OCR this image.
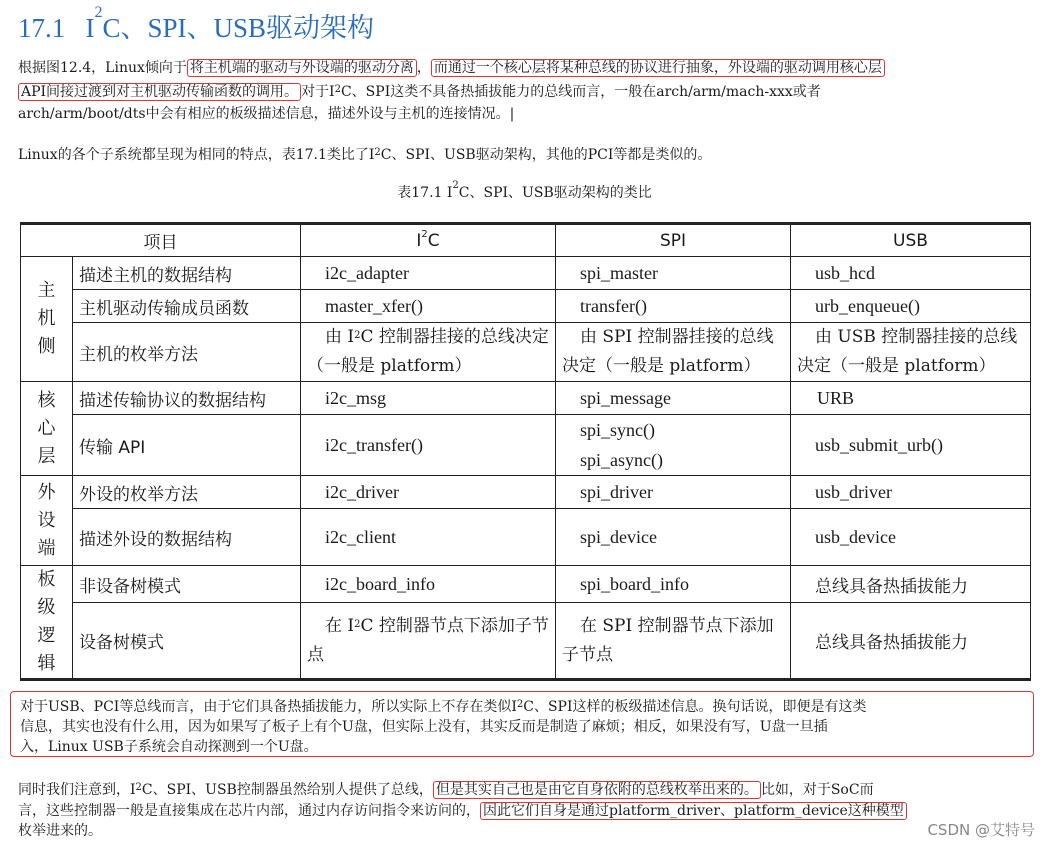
17.1 $I^2C$、SPI、USB驱动架构
根据图12.4，Linux倾向于 将主机端的驱动与外设端的驱动分离 ， 而通过一个核心层将某种总线的协议进行抽象，外设端的驱动调用核心层
API间接过渡到对主机驱动传输函数的调用。 对于$I^2C$、SPI这类不具备热插拔能力的总线而言，一般在arch/arm/mach-xxx或者
arch/arm/boot/dts中会有相应的板级描述信息，描述外设与主机的连接情况。|
Linux的各个子系统都呈现为相同的特点，表17.1类比了$I^2C$、SPI、USB驱动架构，其他的PCI等都是类似的。
表17.1 $I^2C$、SPI、USB驱动架构的类比
项目		$I^2C$	SPI	USB

主
机
侧	描述主机的数据结构	i2c_adapter	spi_master	usb_hcd
	主机驱动传输成员函数	master_xfer()	transfer()	urb_enqueue()
	主机的枚举方法	由 $I^2C$ 控制器挂接的总线决定（一般是 platform）	由 SPI 控制器挂接的总线决定（一般是 platform）	由 USB 控制器挂接的总线决定（一般是 platform）

核
心
层	描述传输协议的数据结构	i2c_msg	spi_message	URB
	传输 API	i2c_transfer()	spi_sync()
spi_async()	usb_submit_urb()

外
设
端	外设的枚举方法	i2c_driver	spi_driver	usb_driver
	描述外设的数据结构	i2c_client	spi_device	usb_device

板
级
逻
辑	非设备树模式	i2c_board_info	spi_board_info	总线具备热插拔能力
	设备树模式	在 $I^2C$ 控制器节点下添加子节点	在 SPI 控制器节点下添加子节点	总线具备热插拔能力
对于USB、PCI等总线而言，由于它们具备热插拔能力，所以实际上不存在类似$I^2C$、SPI这样的板级描述信息。换句话说，即便是有这类
信息，其实也没有什么用，因为如果写了板子上有个U盘，但实际上没有，其实反而是制造了麻烦；相反，如果没有写，U盘一旦插
入，Linux USB子系统会自动探测到一个U盘。
同时我们注意到，$I^2C$、SPI、USB控制器虽然给别人提供了总线， 但是其实自己也是由它自身依附的总线枚举出来的。 比如，对于SoC而
言，这些控制器一般是直接集成在芯片内部，通过内存访问指令来访问的， 因此它们自身是通过platform_driver、platform_device这种模型
枚举进来的。	CSDN @艾特号
